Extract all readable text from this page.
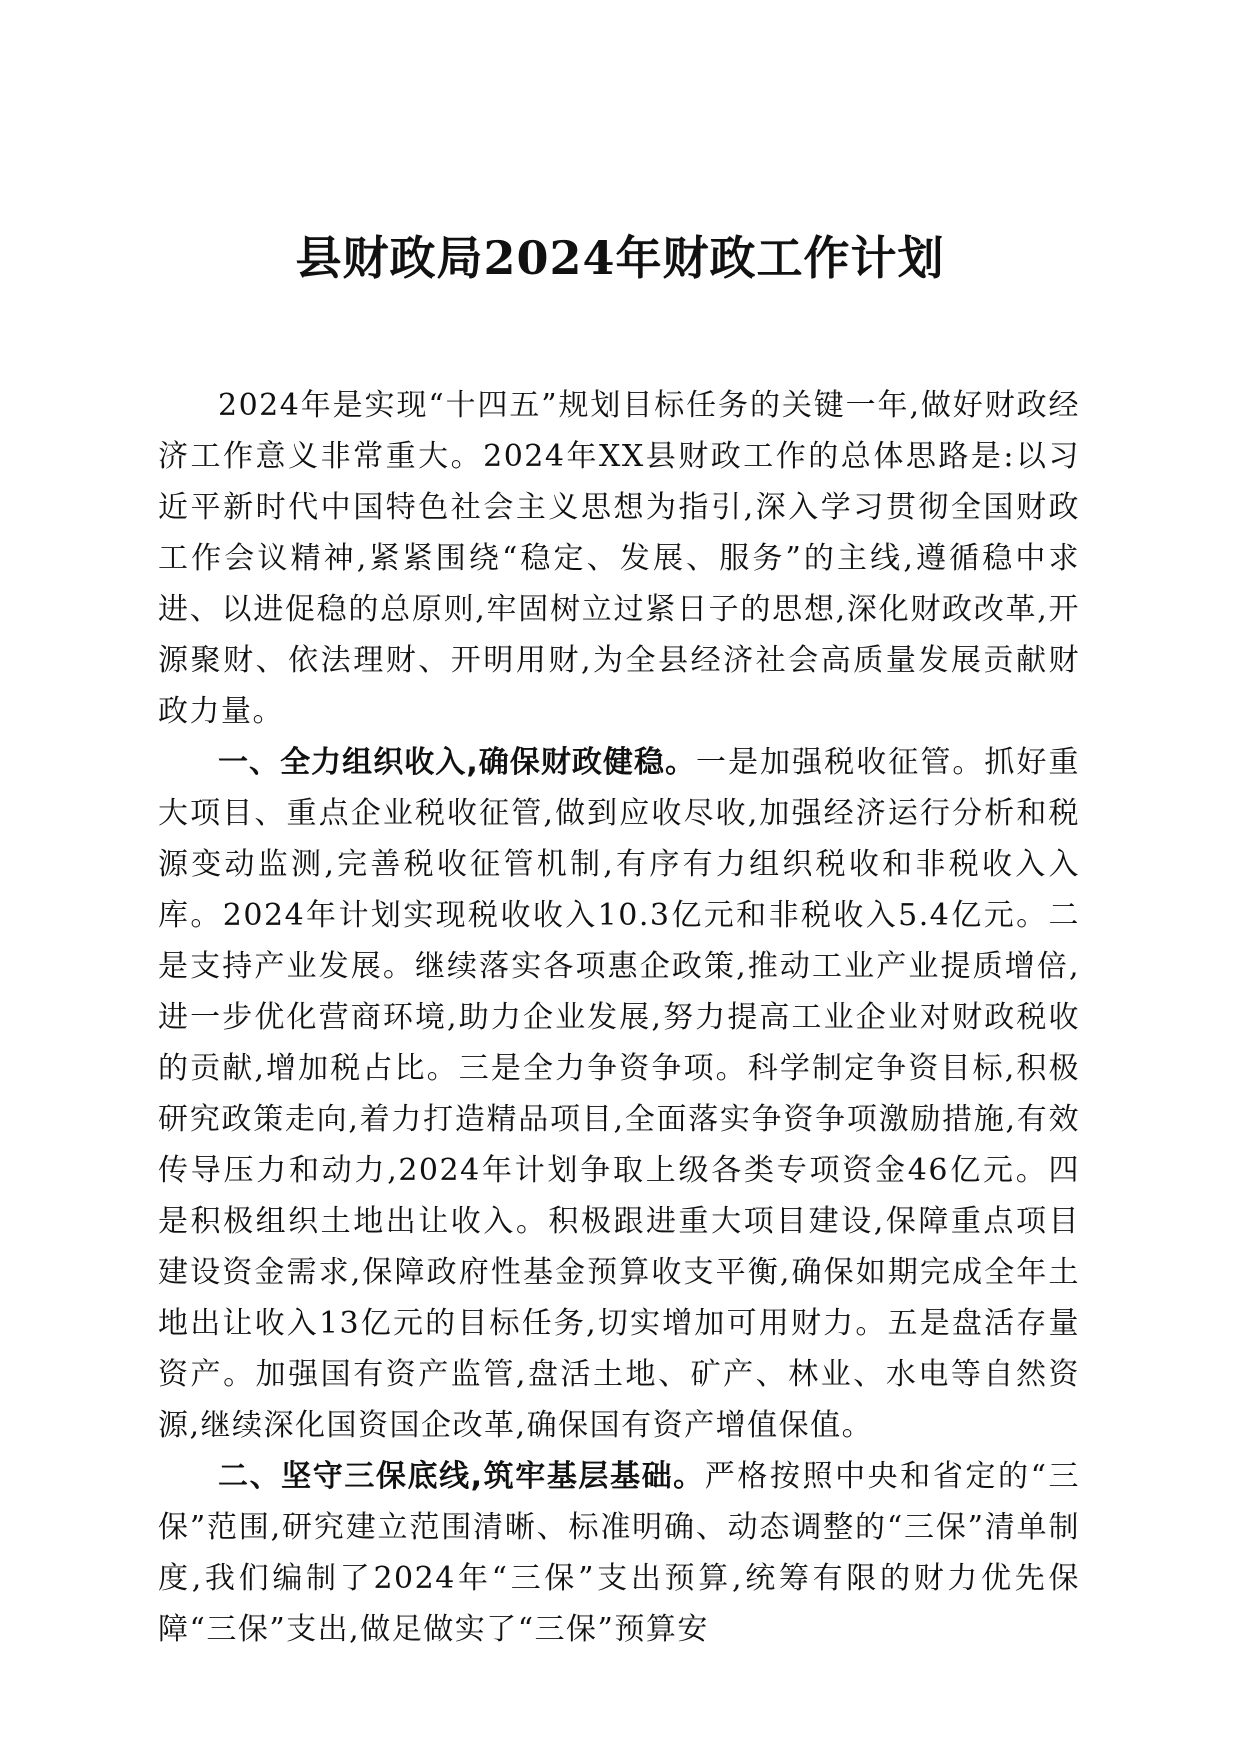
县财政局2024年财政工作计划

2024年是实现“十四五”规划目标任务的关键一年,做好财政经济工作意义非常重大。2024年XX县财政工作的总体思路是:以习近平新时代中国特色社会主义思想为指引,深入学习贯彻全国财政工作会议精神,紧紧围绕“稳定、发展、服务”的主线,遵循稳中求进、以进促稳的总原则,牢固树立过紧日子的思想,深化财政改革,开源聚财、依法理财、开明用财,为全县经济社会高质量发展贡献财政力量。

一、全力组织收入,确保财政健稳。一是加强税收征管。抓好重大项目、重点企业税收征管,做到应收尽收,加强经济运行分析和税源变动监测,完善税收征管机制,有序有力组织税收和非税收入入库。2024年计划实现税收收入10.3亿元和非税收入5.4亿元。二是支持产业发展。继续落实各项惠企政策,推动工业产业提质增倍,进一步优化营商环境,助力企业发展,努力提高工业企业对财政税收的贡献,增加税占比。三是全力争资争项。科学制定争资目标,积极研究政策走向,着力打造精品项目,全面落实争资争项激励措施,有效传导压力和动力,2024年计划争取上级各类专项资金46亿元。四是积极组织土地出让收入。积极跟进重大项目建设,保障重点项目建设资金需求,保障政府性基金预算收支平衡,确保如期完成全年土地出让收入13亿元的目标任务,切实增加可用财力。五是盘活存量资产。加强国有资产监管,盘活土地、矿产、林业、水电等自然资源,继续深化国资国企改革,确保国有资产增值保值。

二、坚守三保底线,筑牢基层基础。严格按照中央和省定的“三保”范围,研究建立范围清晰、标准明确、动态调整的“三保”清单制度,我们编制了2024年“三保”支出预算,统筹有限的财力优先保障“三保”支出,做足做实了“三保”预算安
